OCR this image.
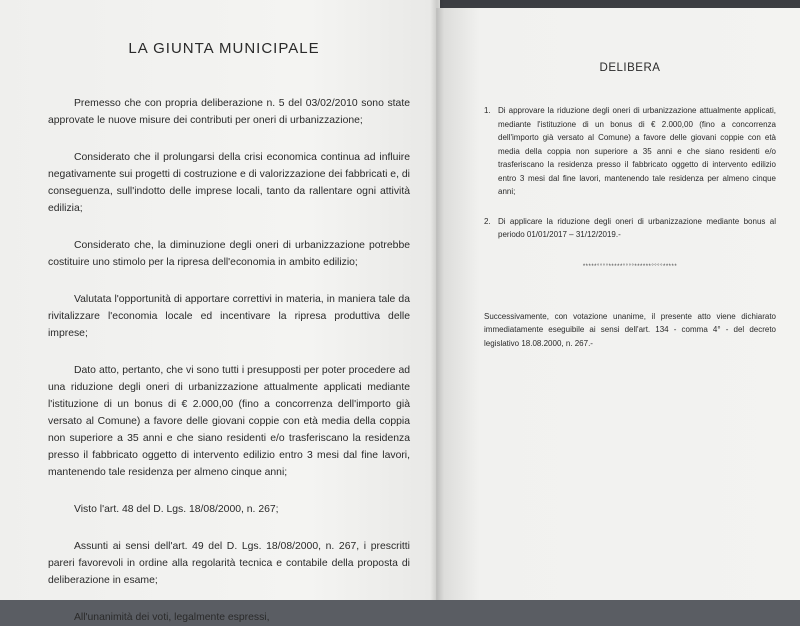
LA GIUNTA MUNICIPALE

Premesso che con propria deliberazione n. 5 del 03/02/2010 sono state approvate le nuove misure dei contributi per oneri di urbanizzazione;

Considerato che il prolungarsi della crisi economica continua ad influire negativamente sui progetti di costruzione e di valorizzazione dei fabbricati e, di conseguenza, sull'indotto delle imprese locali, tanto da rallentare ogni attività edilizia;

Considerato che, la diminuzione degli oneri di urbanizzazione potrebbe costituire uno stimolo per la ripresa dell'economia in ambito edilizio;

Valutata l'opportunità di apportare correttivi in materia, in maniera tale da rivitalizzare l'economia locale ed incentivare la ripresa produttiva delle imprese;

Dato atto, pertanto, che vi sono tutti i presupposti per poter procedere ad una riduzione degli oneri di urbanizzazione attualmente applicati mediante l'istituzione di un bonus di € 2.000,00 (fino a concorrenza dell'importo già versato al Comune) a favore delle giovani coppie con età media della coppia non superiore a 35 anni e che siano residenti e/o trasferiscano la residenza presso il fabbricato oggetto di intervento edilizio entro 3 mesi dal fine lavori, mantenendo tale residenza per almeno cinque anni;

Visto l'art. 48 del D. Lgs. 18/08/2000, n. 267;

Assunti ai sensi dell'art. 49 del D. Lgs. 18/08/2000, n. 267, i prescritti pareri favorevoli in ordine alla regolarità tecnica e contabile della proposta di deliberazione in esame;

All'unanimità dei voti, legalmente espressi,

DELIBERA
1. Di approvare la riduzione degli oneri di urbanizzazione attualmente applicati, mediante l'istituzione di un bonus di € 2.000,00 (fino a concorrenza dell'importo già versato al Comune) a favore delle giovani coppie con età media della coppia non superiore a 35 anni e che siano residenti e/o trasferiscano la residenza presso il fabbricato oggetto di intervento edilizio entro 3 mesi dal fine lavori, mantenendo tale residenza per almeno cinque anni;
2. Di applicare la riduzione degli oneri di urbanizzazione mediante bonus al periodo 01/01/2017 – 31/12/2019.-
*****°°°°*****°°°°******°°°°*****

Successivamente, con votazione unanime, il presente atto viene dichiarato immediatamente eseguibile ai sensi dell'art. 134 - comma 4° - del decreto legislativo 18.08.2000, n. 267.-
